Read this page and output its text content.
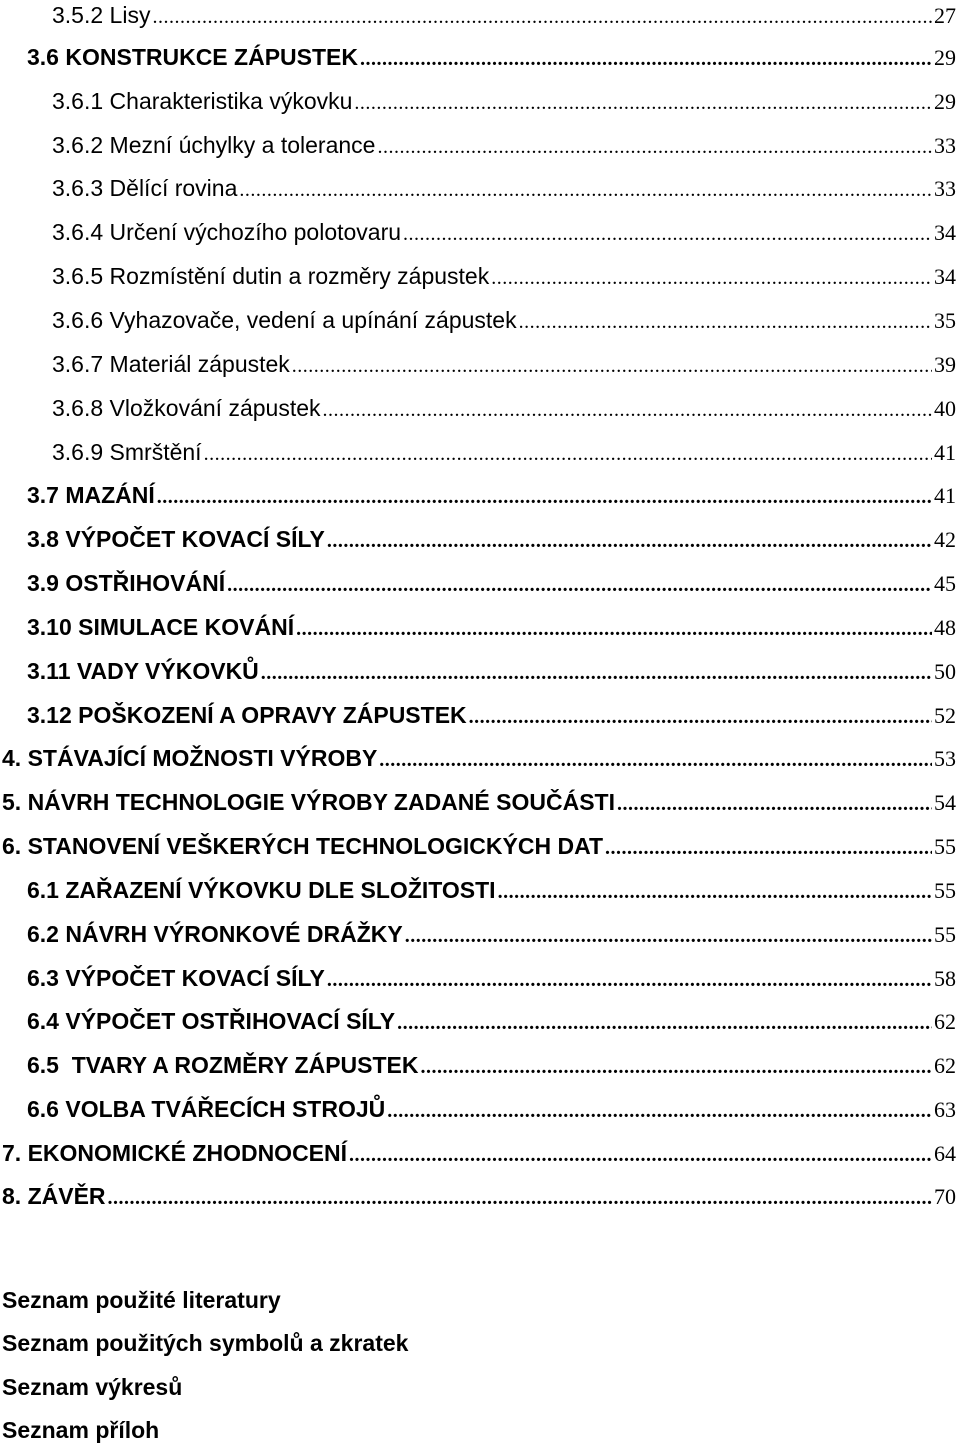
3.5.2 Lisy .....	27
3.6 KONSTRUKCE ZÁPUSTEK .....	29
3.6.1 Charakteristika výkovku .....	29
3.6.2 Mezní úchylky a tolerance .....	33
3.6.3 Dělící rovina .....	33
3.6.4 Určení výchozího polotovaru .....	34
3.6.5 Rozmístění dutin a rozměry zápustek .....	34
3.6.6 Vyhazovače, vedení a upínání zápustek .....	35
3.6.7 Materiál zápustek .....	39
3.6.8 Vložkování zápustek .....	40
3.6.9 Smrštění .....	41
3.7 MAZÁNÍ .....	41
3.8 VÝPOČET KOVACÍ SÍLY .....	42
3.9 OSTŘIHOVÁNÍ .....	45
3.10 SIMULACE KOVÁNÍ .....	48
3.11 VADY VÝKOVKŮ .....	50
3.12 POŠKOZENÍ A OPRAVY ZÁPUSTEK .....	52
4. STÁVAJÍCÍ MOŽNOSTI VÝROBY .....	53
5. NÁVRH TECHNOLOGIE VÝROBY ZADANÉ SOUČÁSTI .....	54
6. STANOVENÍ VEŠKERÝCH TECHNOLOGICKÝCH DAT .....	55
6.1 ZAŘAZENÍ VÝKOVKU DLE SLOŽITOSTI .....	55
6.2 NÁVRH VÝRONKOVÉ DRÁŽKY .....	55
6.3 VÝPOČET KOVACÍ SÍLY .....	58
6.4 VÝPOČET OSTŘIHOVACÍ SÍLY .....	62
6.5  TVARY A ROZMĚRY ZÁPUSTEK .....	62
6.6 VOLBA TVÁŘECÍCH STROJŮ .....	63
7. EKONOMICKÉ ZHODNOCENÍ .....	64
8. ZÁVĚR .....	70
Seznam použité literatury
Seznam použitých symbolů a zkratek
Seznam výkresů
Seznam příloh
